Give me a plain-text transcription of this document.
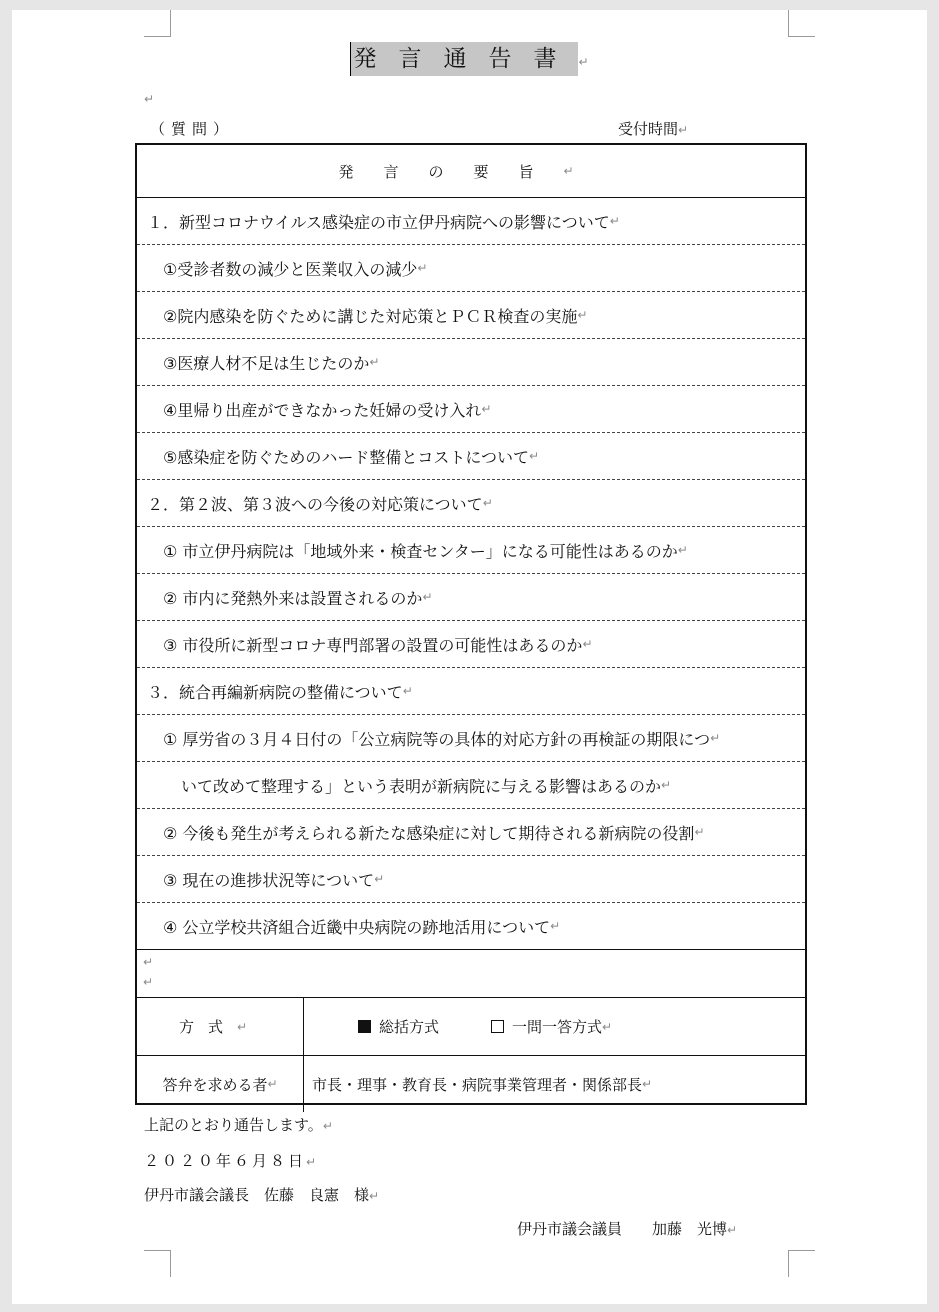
発言通告書↵
↵
（質問）	受付時間↵
発言の要旨 ↵
１．新型コロナウイルス感染症の市立伊丹病院への影響について ↵
①受診者数の減少と医業収入の減少 ↵
②院内感染を防ぐために講じた対応策とＰＣＲ検査の実施 ↵
③医療人材不足は生じたのか ↵
④里帰り出産ができなかった妊婦の受け入れ ↵
⑤感染症を防ぐためのハード整備とコストについて ↵
２．第２波、第３波への今後の対応策について ↵
① 市立伊丹病院は「地域外来・検査センター」になる可能性はあるのか ↵
② 市内に発熱外来は設置されるのか ↵
③ 市役所に新型コロナ専門部署の設置の可能性はあるのか ↵
３．統合再編新病院の整備について ↵
① 厚労省の３月４日付の「公立病院等の具体的対応方針の再検証の期限につ ↵
いて改めて整理する」という表明が新病院に与える影響はあるのか ↵
② 今後も発生が考えられる新たな感染症に対して期待される新病院の役割 ↵
③ 現在の進捗状況等について ↵
④ 公立学校共済組合近畿中央病院の跡地活用について ↵
↵
↵
方式 ↵	総括方式	一問一答方式 ↵
答弁を求める者 ↵ 市長・理事・教育長・病院事業管理者・関係部長 ↵
上記のとおり通告します。↵
２０２０年６月８日↵
伊丹市議会議長　佐藤　良憲　様↵
伊丹市議会議員　　加藤　光博↵
